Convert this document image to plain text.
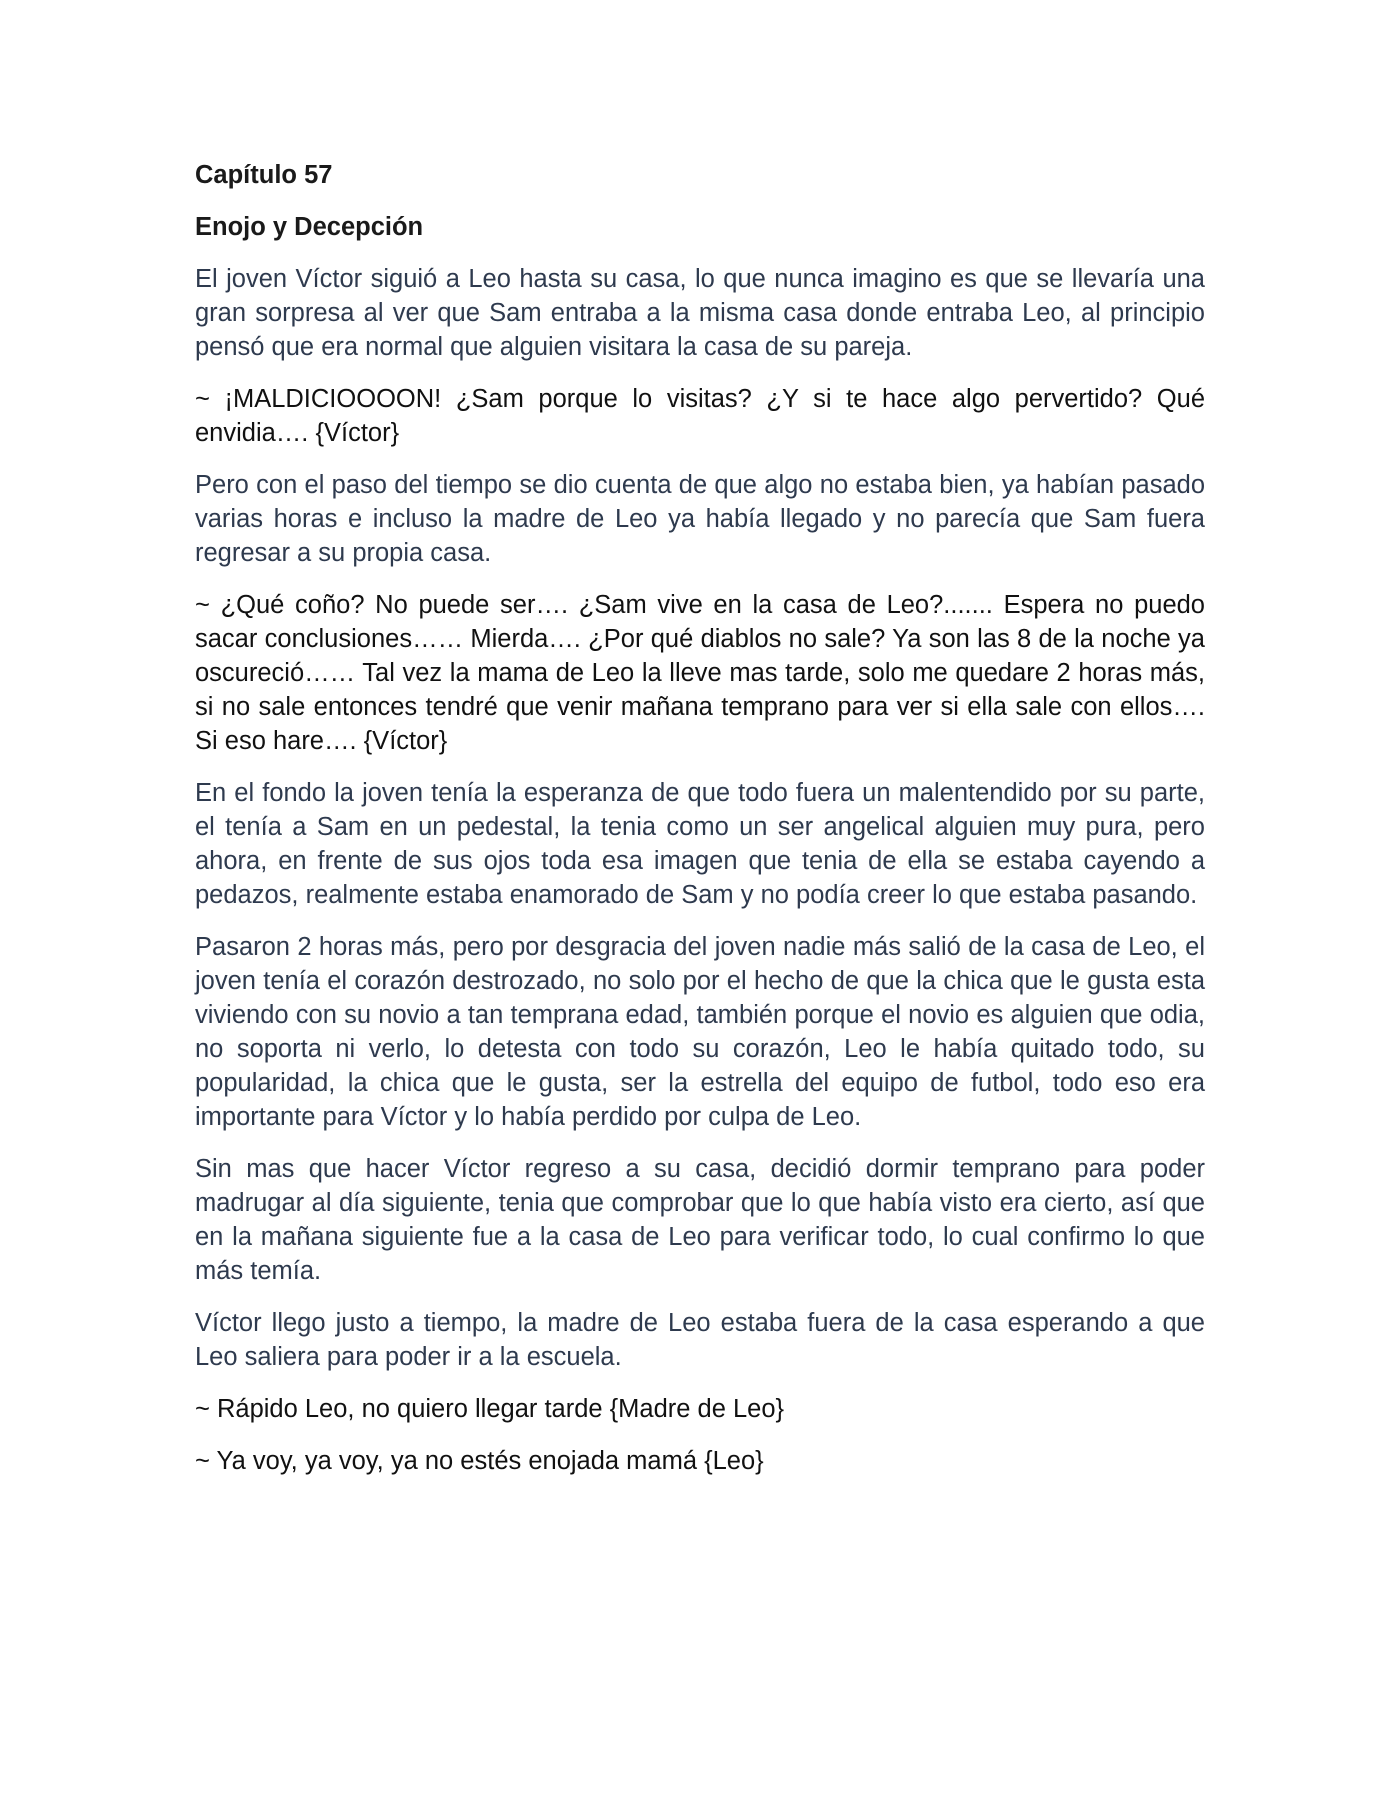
Capítulo 57
Enojo y Decepción
El joven Víctor siguió a Leo hasta su casa, lo que nunca imagino es que se llevaría una gran sorpresa al ver que Sam entraba a la misma casa donde entraba Leo, al principio pensó que era normal que alguien visitara la casa de su pareja.
~ ¡MALDICIOOOON! ¿Sam porque lo visitas? ¿Y si te hace algo pervertido? Qué envidia…. {Víctor}
Pero con el paso del tiempo se dio cuenta de que algo no estaba bien, ya habían pasado varias horas e incluso la madre de Leo ya había llegado y no parecía que Sam fuera regresar a su propia casa.
~ ¿Qué coño? No puede ser…. ¿Sam vive en la casa de Leo?....... Espera no puedo sacar conclusiones…… Mierda…. ¿Por qué diablos no sale? Ya son las 8 de la noche ya oscureció…… Tal vez la mama de Leo la lleve mas tarde, solo me quedare 2 horas más, si no sale entonces tendré que venir mañana temprano para ver si ella sale con ellos…. Si eso hare…. {Víctor}
En el fondo la joven tenía la esperanza de que todo fuera un malentendido por su parte, el tenía a Sam en un pedestal, la tenia como un ser angelical alguien muy pura, pero ahora, en frente de sus ojos toda esa imagen que tenia de ella se estaba cayendo a pedazos, realmente estaba enamorado de Sam y no podía creer lo que estaba pasando.
Pasaron 2 horas más, pero por desgracia del joven nadie más salió de la casa de Leo, el joven tenía el corazón destrozado, no solo por el hecho de que la chica que le gusta esta viviendo con su novio a tan temprana edad, también porque el novio es alguien que odia, no soporta ni verlo, lo detesta con todo su corazón, Leo le había quitado todo, su popularidad, la chica que le gusta, ser la estrella del equipo de futbol, todo eso era importante para Víctor y lo había perdido por culpa de Leo.
Sin mas que hacer Víctor regreso a su casa, decidió dormir temprano para poder madrugar al día siguiente, tenia que comprobar que lo que había visto era cierto, así que en la mañana siguiente fue a la casa de Leo para verificar todo, lo cual confirmo lo que más temía.
Víctor llego justo a tiempo, la madre de Leo estaba fuera de la casa esperando a que Leo saliera para poder ir a la escuela.
~ Rápido Leo, no quiero llegar tarde {Madre de Leo}
~ Ya voy, ya voy, ya no estés enojada mamá {Leo}
